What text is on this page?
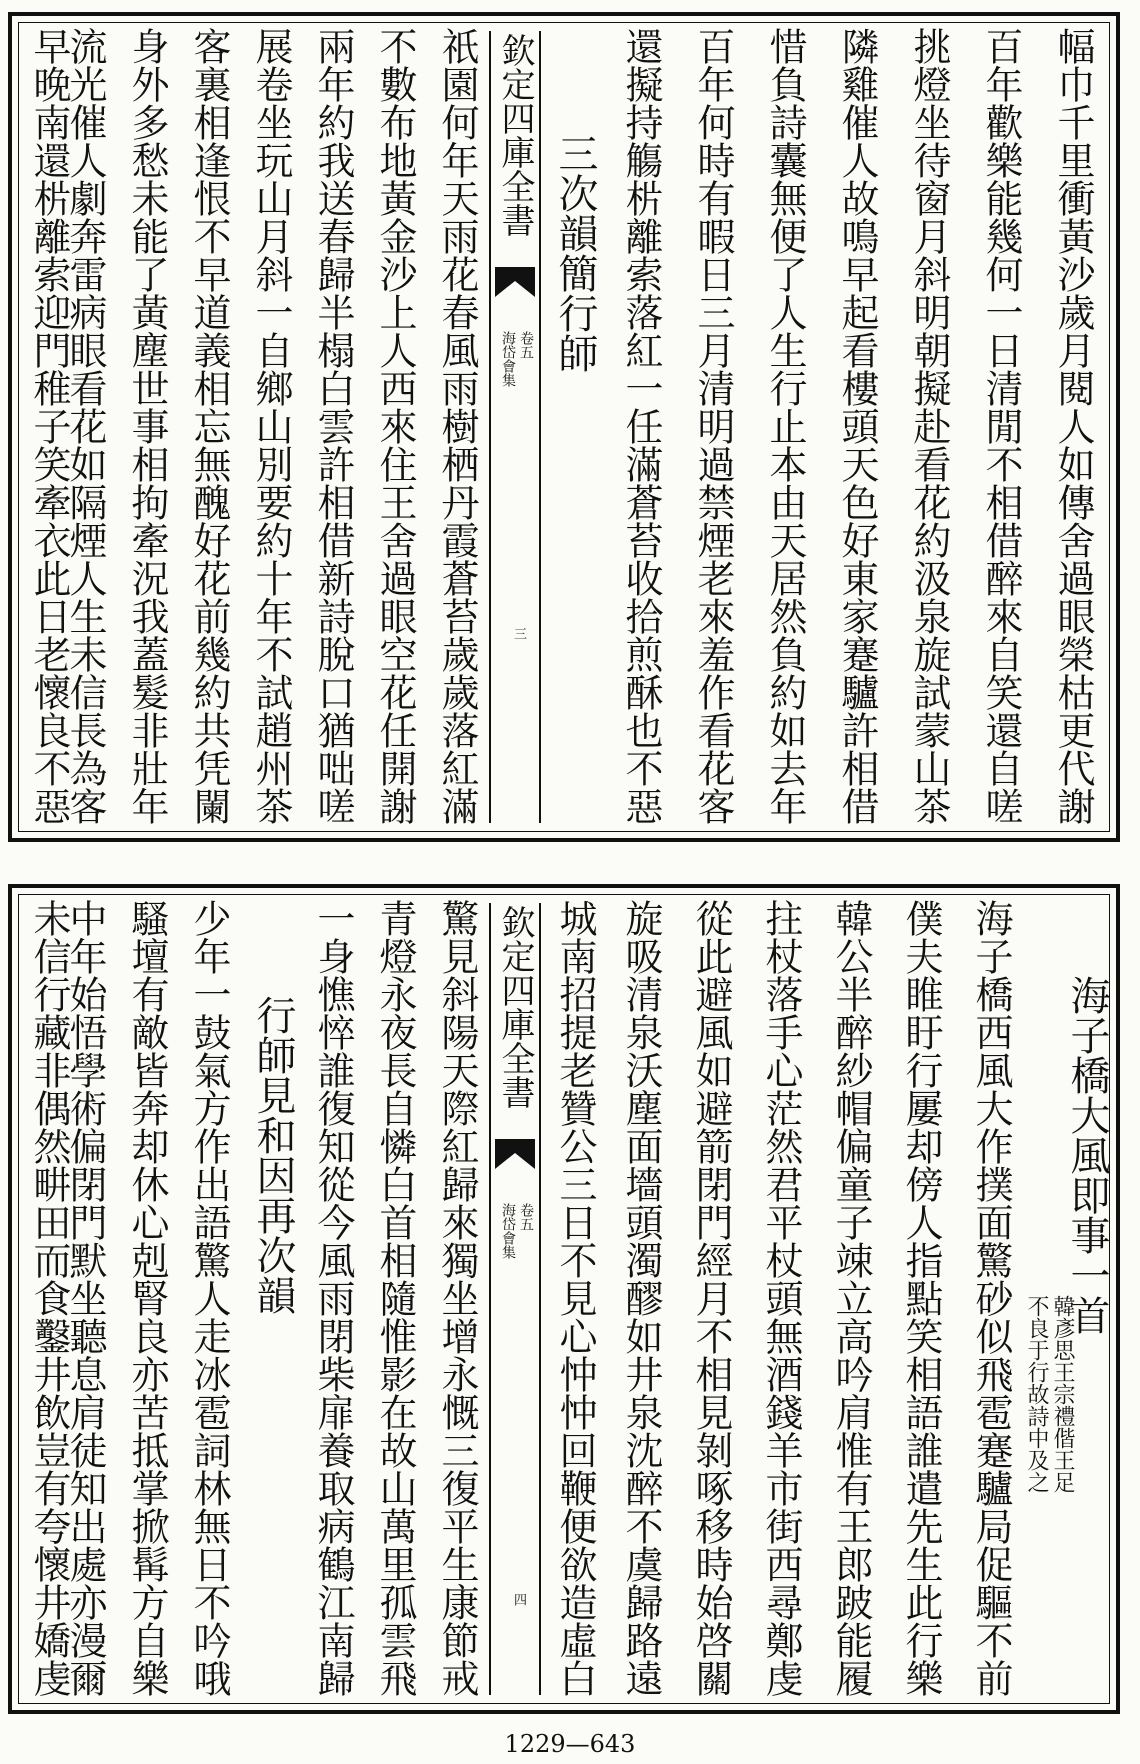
幅巾千里衝黃沙歲月閱人如傳舍過眼榮枯更代謝
百年歡樂能幾何一日清閒不相借醉來自笑還自嗟
挑燈坐待窗月斜明朝擬赴看花約汲泉旋試蒙山茶
隣雞催人故鳴早起看樓頭天色好東家蹇驢許相借
惜負詩囊無便了人生行止本由天居然負約如去年
百年何時有暇日三月清明過禁煙老來羞作看花客
還擬持觴㭊離索落紅一任滿蒼苔收拾煎酥也不惡
三次韻簡行師
欽定四庫全書
海岱會集 卷五
三
祇園何年天雨花春風雨樹栖丹霞蒼苔歲歲落紅滿
不數布地黃金沙上人西來住王舍過眼空花任開謝
兩年約我送春歸半榻白雲許相借新詩脫口猶咄嗟
展卷坐玩山月斜一自鄉山別要約十年不試趙州茶
客裏相逢恨不早道義相忘無醜好花前幾約共凭闌
身外多愁未能了黃塵世事相拘牽況我蓋髮非壯年
流光催人劇奔雷病眼看花如隔煙人生未信長為客
早晚南還㭊離索迎門稚子笑牽衣此日老懷良不惡
海子橋大風即事一首
韓彥思王宗禮偕王足
不良于行故詩中及之
海子橋西風大作撲面驚砂似飛雹蹇驢局促驅不前
僕夫睢盱行屢却傍人指點笑相語誰遣先生此行樂
韓公半醉紗帽偏童子竦立高吟肩惟有王郎跛能履
拄杖落手心茫然君平杖頭無酒錢羊市街西尋鄭虔
從此避風如避箭閉門經月不相見剝啄移時始啓關
旋吸清泉沃塵面墻頭濁醪如井泉沈醉不虞歸路遠
城南招提老贊公三日不見心忡忡回鞭便欲造虛白
欽定四庫全書
海岱會集 卷五
四
驚見斜陽天際紅歸來獨坐增永慨三復平生康節戒
青燈永夜長自憐白首相隨惟影在故山萬里孤雲飛
一身憔悴誰復知從今風雨閉柴扉養取病鶴江南歸
行師見和因再次韻
少年一鼓氣方作出語驚人走冰雹詞林無日不吟哦
騷壇有敵皆奔却休心剋腎良亦苦抵掌掀髯方自樂
中年始悟學術偏閉門默坐聽息肩徒知出處亦漫爾
未信行藏非偶然畊田而食鑿井飲豈有夸懷井嬌虔
1229—643
